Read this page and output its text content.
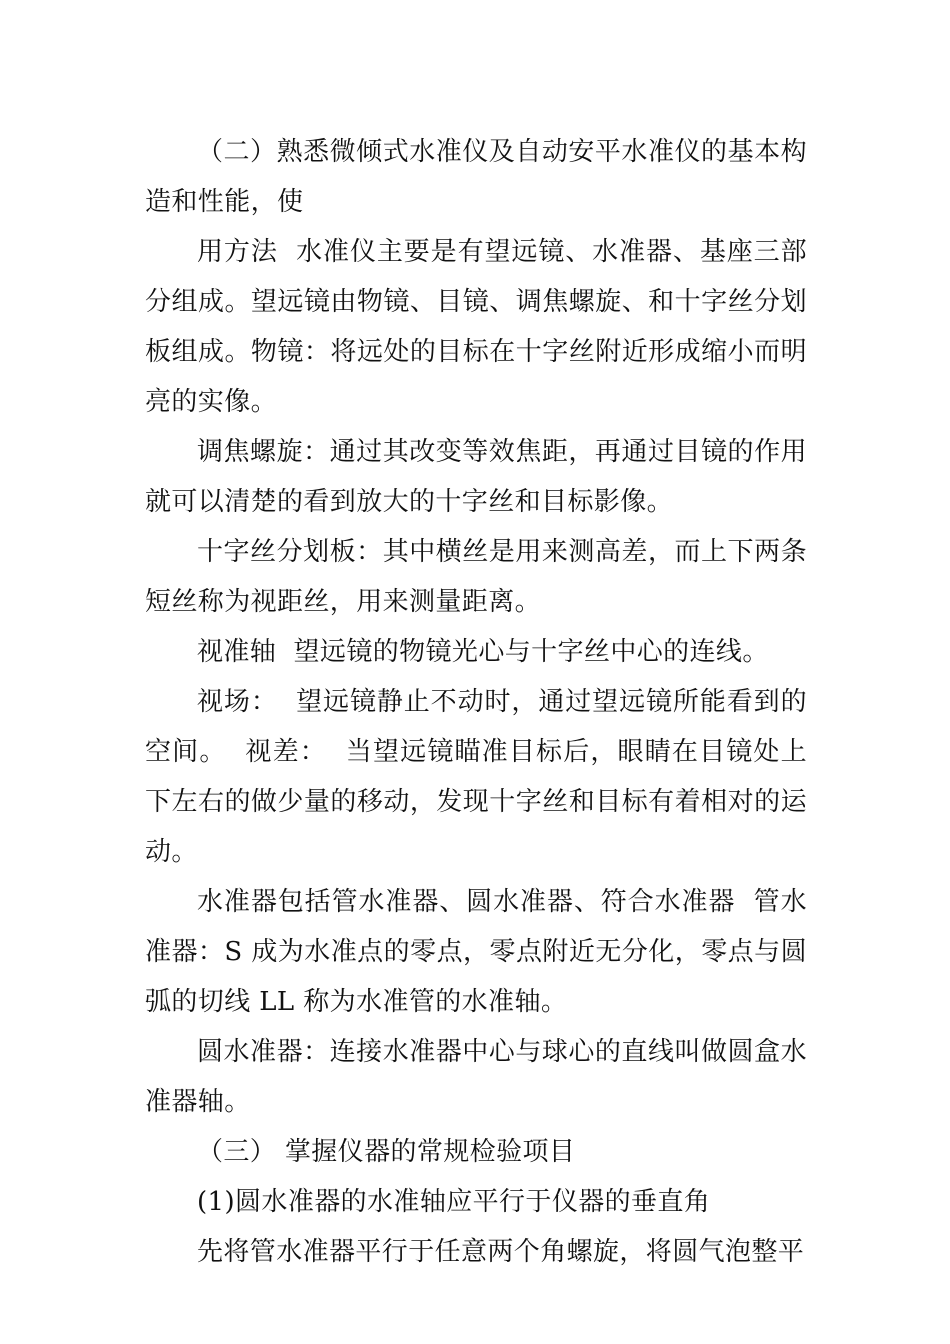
（二）熟悉微倾式水准仪及自动安平水准仪的基本构造和性能，使

用方法  水准仪主要是有望远镜、水准器、基座三部分组成。望远镜由物镜、目镜、调焦螺旋、和十字丝分划板组成。物镜：将远处的目标在十字丝附近形成缩小而明亮的实像。

调焦螺旋：通过其改变等效焦距，再通过目镜的作用就可以清楚的看到放大的十字丝和目标影像。

十字丝分划板：其中横丝是用来测高差，而上下两条短丝称为视距丝，用来测量距离。

视准轴  望远镜的物镜光心与十字丝中心的连线。

视场：  望远镜静止不动时，通过望远镜所能看到的空间。  视差：  当望远镜瞄准目标后，眼睛在目镜处上下左右的做少量的移动，发现十字丝和目标有着相对的运动。

水准器包括管水准器、圆水准器、符合水准器  管水准器：S 成为水准点的零点，零点附近无分化，零点与圆弧的切线 LL 称为水准管的水准轴。

圆水准器：连接水准器中心与球心的直线叫做圆盒水准器轴。

（三） 掌握仪器的常规检验项目

(1)圆水准器的水准轴应平行于仪器的垂直角

先将管水准器平行于任意两个角螺旋，将圆气泡整平
